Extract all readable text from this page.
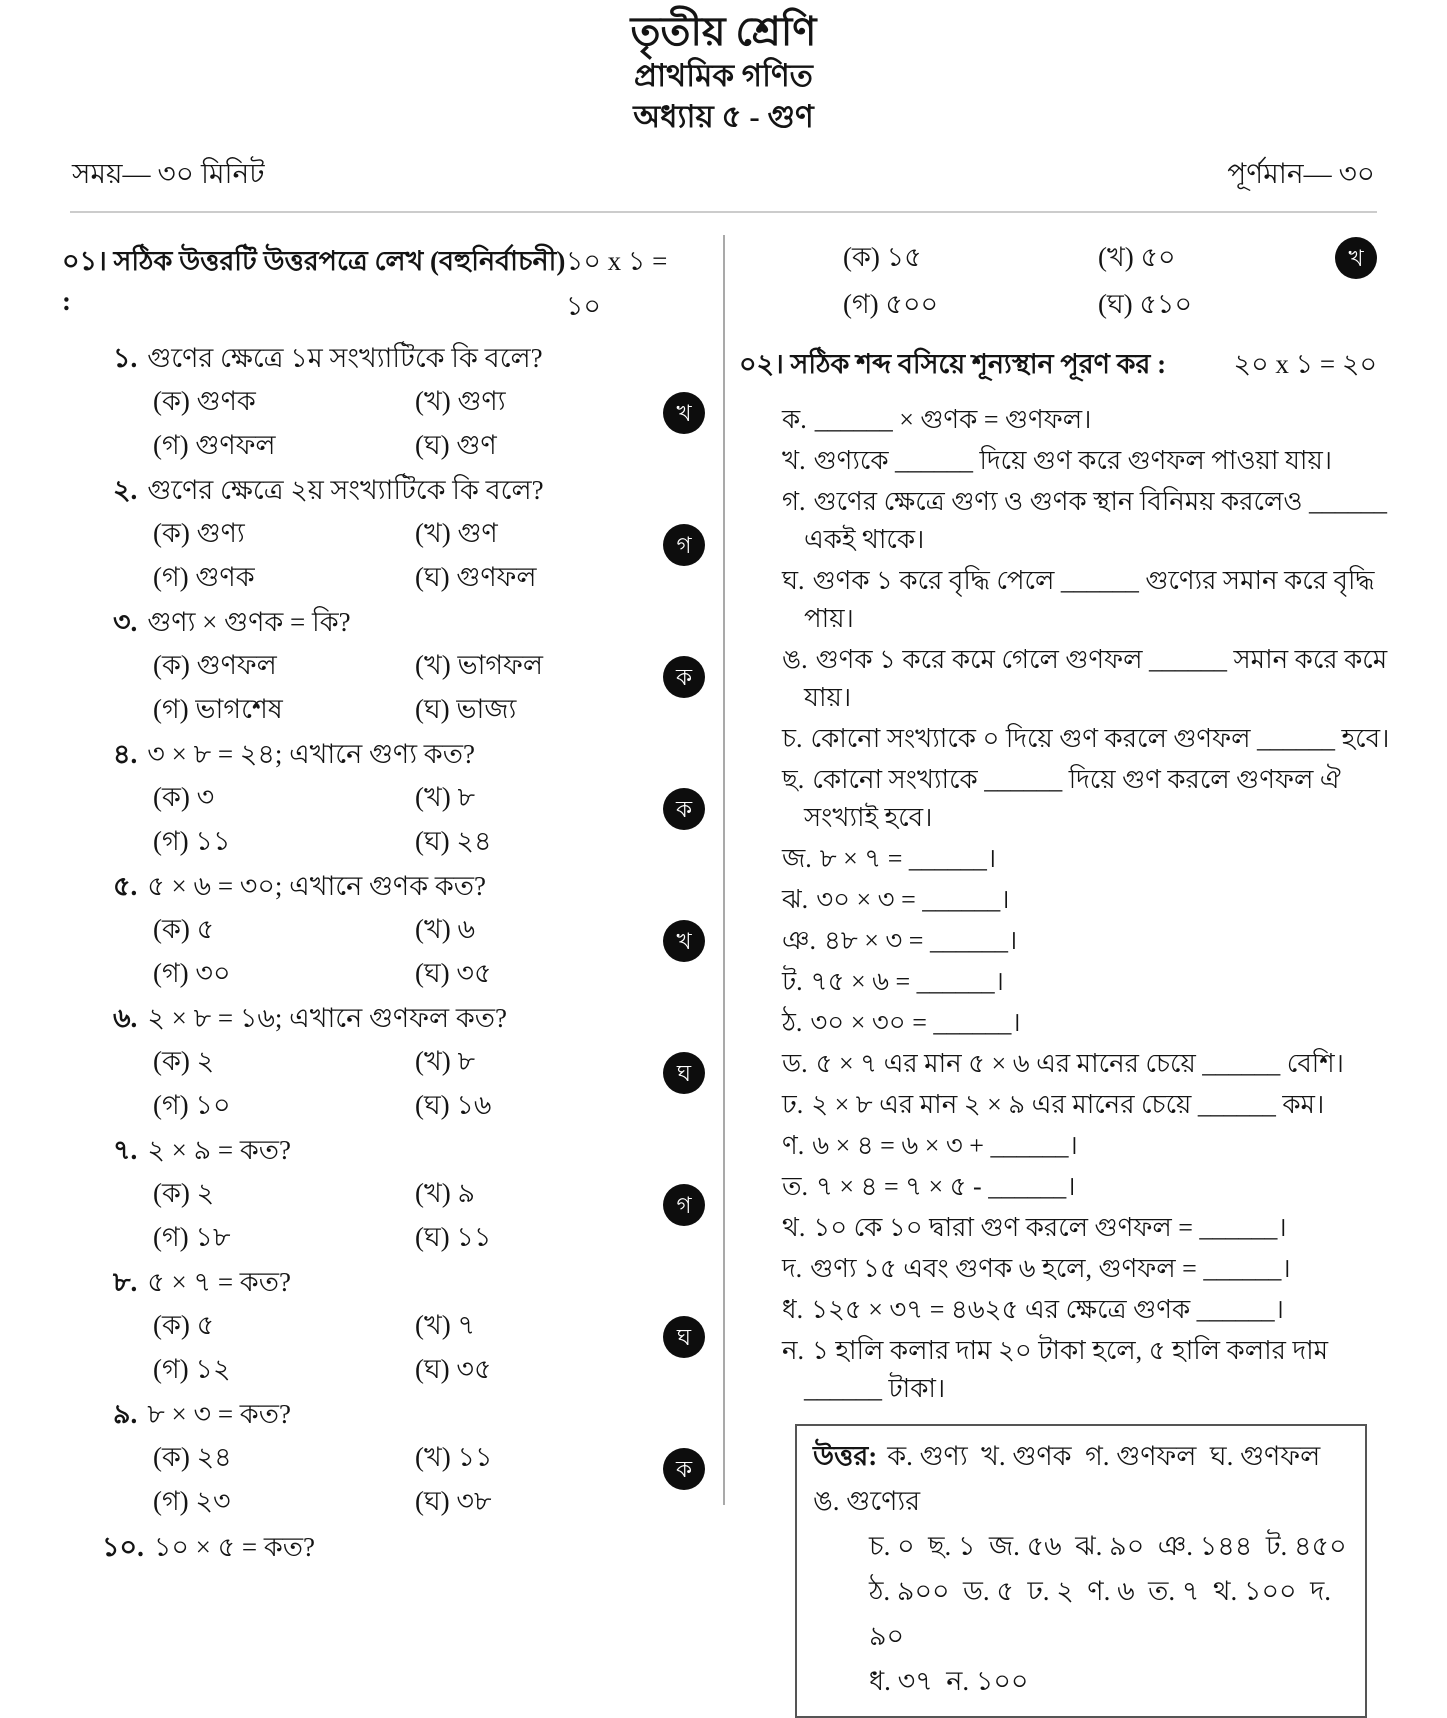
তৃতীয় শ্রেণি
প্রাথমিক গণিত
অধ্যায় ৫ - গুণ
সময়— ৩০ মিনিট	পূর্ণমান— ৩০
০১। সঠিক উত্তরটি উত্তরপত্রে লেখ (বহুনির্বাচনী) :
১০ x ১ = ১০
১. গুণের ক্ষেত্রে ১ম সংখ্যাটিকে কি বলে?
(ক) গুণক	(খ) গুণ্য
(গ) গুণফল	(ঘ) গুণ
খ
২. গুণের ক্ষেত্রে ২য় সংখ্যাটিকে কি বলে?
(ক) গুণ্য	(খ) গুণ
(গ) গুণক	(ঘ) গুণফল
গ
৩. গুণ্য × গুণক = কি?
(ক) গুণফল	(খ) ভাগফল
(গ) ভাগশেষ	(ঘ) ভাজ্য
ক
৪. ৩ × ৮ = ২৪; এখানে গুণ্য কত?
(ক) ৩	(খ) ৮
(গ) ১১	(ঘ) ২৪
ক
৫. ৫ × ৬ = ৩০; এখানে গুণক কত?
(ক) ৫	(খ) ৬
(গ) ৩০	(ঘ) ৩৫
খ
৬. ২ × ৮ = ১৬; এখানে গুণফল কত?
(ক) ২	(খ) ৮
(গ) ১০	(ঘ) ১৬
ঘ
৭. ২ × ৯ = কত?
(ক) ২	(খ) ৯
(গ) ১৮	(ঘ) ১১
গ
৮. ৫ × ৭ = কত?
(ক) ৫	(খ) ৭
(গ) ১২	(ঘ) ৩৫
ঘ
৯. ৮ × ৩ = কত?
(ক) ২৪	(খ) ১১
(গ) ২৩	(ঘ) ৩৮
ক
১০. ১০ × ৫ = কত?
(ক) ১৫	(খ) ৫০
(গ) ৫০০	(ঘ) ৫১০
খ
০২। সঠিক শব্দ বসিয়ে শূন্যস্থান পূরণ কর : ২০ x ১ = ২০
ক. ______ × গুণক = গুণফল।
খ. গুণ্যকে ______ দিয়ে গুণ করে গুণফল পাওয়া যায়।
গ. গুণের ক্ষেত্রে গুণ্য ও গুণক স্থান বিনিময় করলেও ______ একই থাকে।
ঘ. গুণক ১ করে বৃদ্ধি পেলে ______ গুণ্যের সমান করে বৃদ্ধি পায়।
ঙ. গুণক ১ করে কমে গেলে গুণফল ______ সমান করে কমে যায়।
চ. কোনো সংখ্যাকে ০ দিয়ে গুণ করলে গুণফল ______ হবে।
ছ. কোনো সংখ্যাকে ______ দিয়ে গুণ করলে গুণফল ঐ সংখ্যাই হবে।
জ. ৮ × ৭ = ______।
ঝ. ৩০ × ৩ = ______।
ঞ. ৪৮ × ৩ = ______।
ট. ৭৫ × ৬ = ______।
ঠ. ৩০ × ৩০ = ______।
ড. ৫ × ৭ এর মান ৫ × ৬ এর মানের চেয়ে ______ বেশি।
ঢ. ২ × ৮ এর মান ২ × ৯ এর মানের চেয়ে ______ কম।
ণ. ৬ × ৪ = ৬ × ৩ + ______।
ত. ৭ × ৪ = ৭ × ৫ - ______।
থ. ১০ কে ১০ দ্বারা গুণ করলে গুণফল = ______।
দ. গুণ্য ১৫ এবং গুণক ৬ হলে, গুণফল = ______।
ধ. ১২৫ × ৩৭ = ৪৬২৫ এর ক্ষেত্রে গুণক ______।
ন. ১ হালি কলার দাম ২০ টাকা হলে, ৫ হালি কলার দাম ______ টাকা।
উত্তর: ক. গুণ্য  খ. গুণক  গ. গুণফল  ঘ. গুণফল  ঙ. গুণ্যের
চ. ০  ছ. ১  জ. ৫৬  ঝ. ৯০  ঞ. ১৪৪  ট. ৪৫০
ঠ. ৯০০  ড. ৫  ঢ. ২  ণ. ৬  ত. ৭  থ. ১০০  দ. ৯০
ধ. ৩৭  ন. ১০০
